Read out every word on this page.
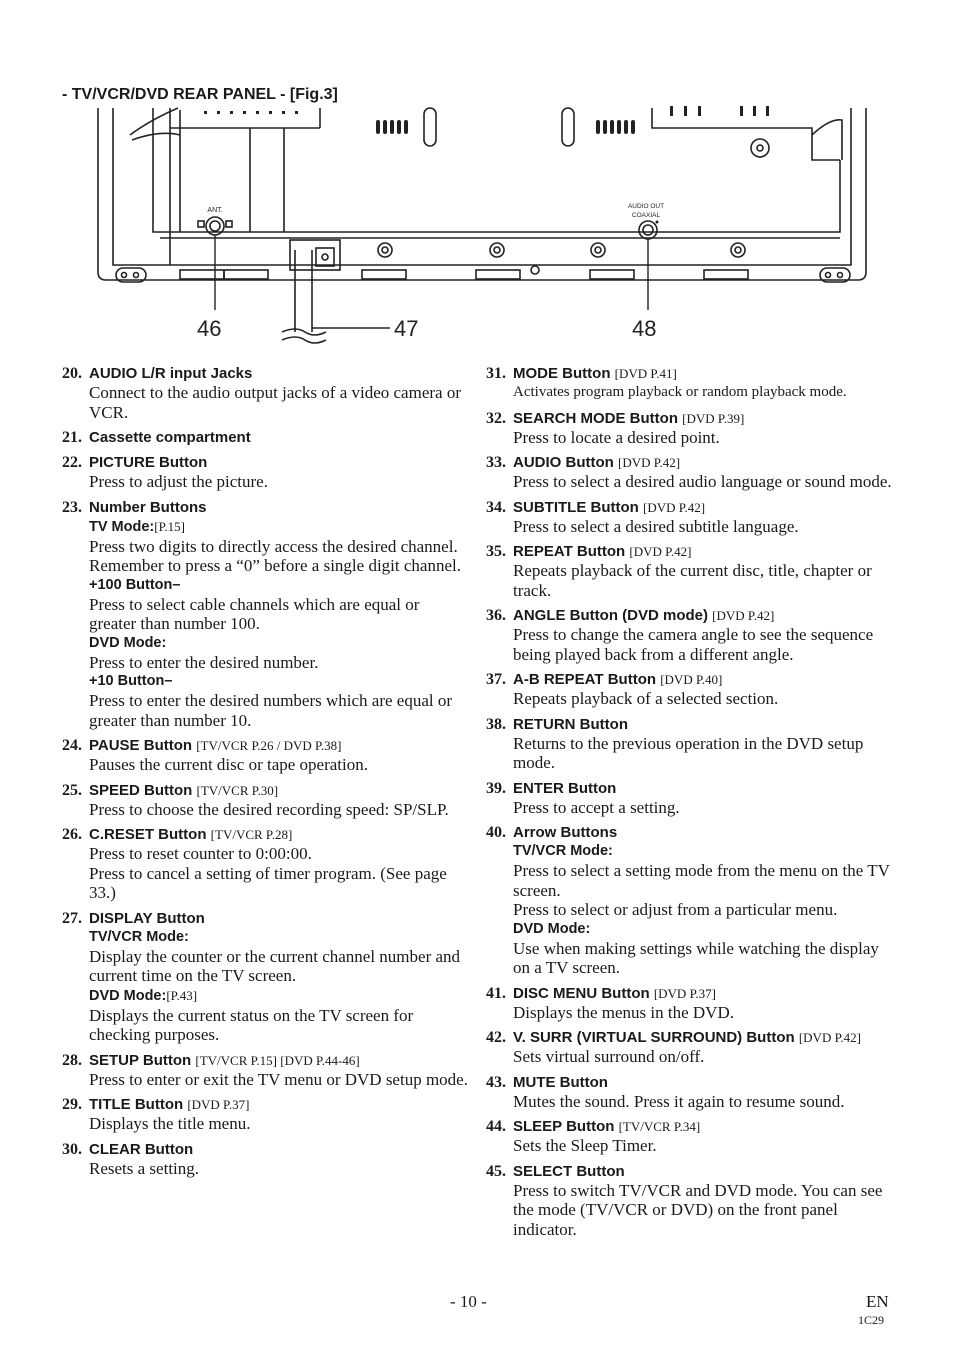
- TV/VCR/DVD REAR PANEL - [Fig.3]
ANT.
AUDIO OUT
COAXIAL
46	47	48
20. AUDIO L/R input Jacks
Connect to the audio output jacks of a video camera or VCR.
21. Cassette compartment
22. PICTURE Button
Press to adjust the picture.
23. Number Buttons
TV Mode:[P.15]
Press two digits to directly access the desired channel.
Remember to press a “0” before a single digit channel.
+100 Button–
Press to select cable channels which are equal or greater than number 100.
DVD Mode:
Press to enter the desired number.
+10 Button–
Press to enter the desired numbers which are equal or greater than number 10.
24. PAUSE Button [TV/VCR P.26 / DVD P.38]
Pauses the current disc or tape operation.
25. SPEED Button [TV/VCR P.30]
Press to choose the desired recording speed: SP/SLP.
26. C.RESET Button [TV/VCR P.28]
Press to reset counter to 0:00:00.
Press to cancel a setting of timer program. (See page 33.)
27. DISPLAY Button
TV/VCR Mode:
Display the counter or the current channel number and current time on the TV screen.
DVD Mode:[P.43]
Displays the current status on the TV screen for checking purposes.
28. SETUP Button [TV/VCR P.15] [DVD P.44-46]
Press to enter or exit the TV menu or DVD setup mode.
29. TITLE Button [DVD P.37]
Displays the title menu.
30. CLEAR Button
Resets a setting.
31. MODE Button [DVD P.41]
Activates program playback or random playback mode.
32. SEARCH MODE Button [DVD P.39]
Press to locate a desired point.
33. AUDIO Button [DVD P.42]
Press to select a desired audio language or sound mode.
34. SUBTITLE Button [DVD P.42]
Press to select a desired subtitle language.
35. REPEAT Button [DVD P.42]
Repeats playback of the current disc, title, chapter or track.
36. ANGLE Button (DVD mode) [DVD P.42]
Press to change the camera angle to see the sequence being played back from a different angle.
37. A-B REPEAT Button [DVD P.40]
Repeats playback of a selected section.
38. RETURN Button
Returns to the previous operation in the DVD setup mode.
39. ENTER Button
Press to accept a setting.
40. Arrow Buttons
TV/VCR Mode:
Press to select a setting mode from the menu on the TV screen.
Press to select or adjust from a particular menu.
DVD Mode:
Use when making settings while watching the display on a TV screen.
41. DISC MENU Button [DVD P.37]
Displays the menus in the DVD.
42. V. SURR (VIRTUAL SURROUND) Button [DVD P.42]
Sets virtual surround on/off.
43. MUTE Button
Mutes the sound. Press it again to resume sound.
44. SLEEP Button [TV/VCR P.34]
Sets the Sleep Timer.
45. SELECT Button
Press to switch TV/VCR and DVD mode. You can see the mode (TV/VCR or DVD) on the front panel indicator.
- 10 -	EN
1C29
